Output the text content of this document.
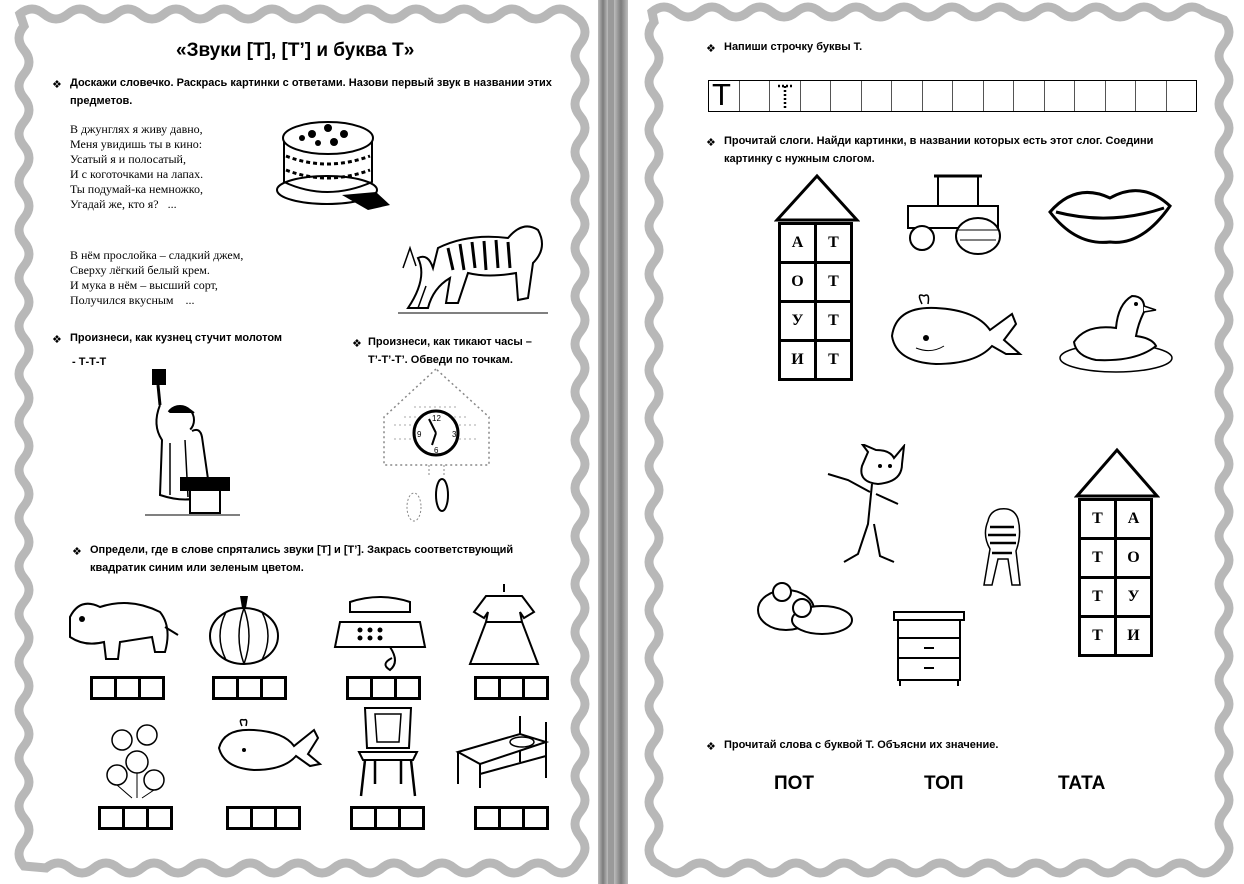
«Звуки [Т], [Т’] и буква Т»
❖ Доскажи словечко. Раскрась картинки с ответами. Назови первый звук в названии этих предметов.
В джунглях я живу давно,
Меня увидишь ты в кино:
Усатый я и полосатый,
И с коготочками на лапах.
Ты подумай-ка немножко,
Угадай же, кто я?   ...
В нём прослойка – сладкий джем,
Сверху лёгкий белый крем.
И мука в нём – высший сорт,
Получился вкусным    ...
❖ Произнеси, как кузнец стучит молотом
- Т-Т-Т
❖ Произнеси, как тикают часы – Т’-Т’-Т’. Обведи по точкам.
12
3
6
9
❖ Определи, где в слове спрятались звуки [Т] и [Т’]. Закрась соответствующий квадратик синим или зеленым цветом.
❖ Напиши строчку буквы Т.
❖ Прочитай слоги. Найди картинки, в названии которых есть этот слог. Соедини картинку с нужным слогом.
❖ Прочитай слова с буквой Т. Объясни их значение.
ПОТ	ТОП	ТАТА
Т
А	Т
О	Т
У	Т
И	Т
Т	А
Т	О
Т	У
Т	И
